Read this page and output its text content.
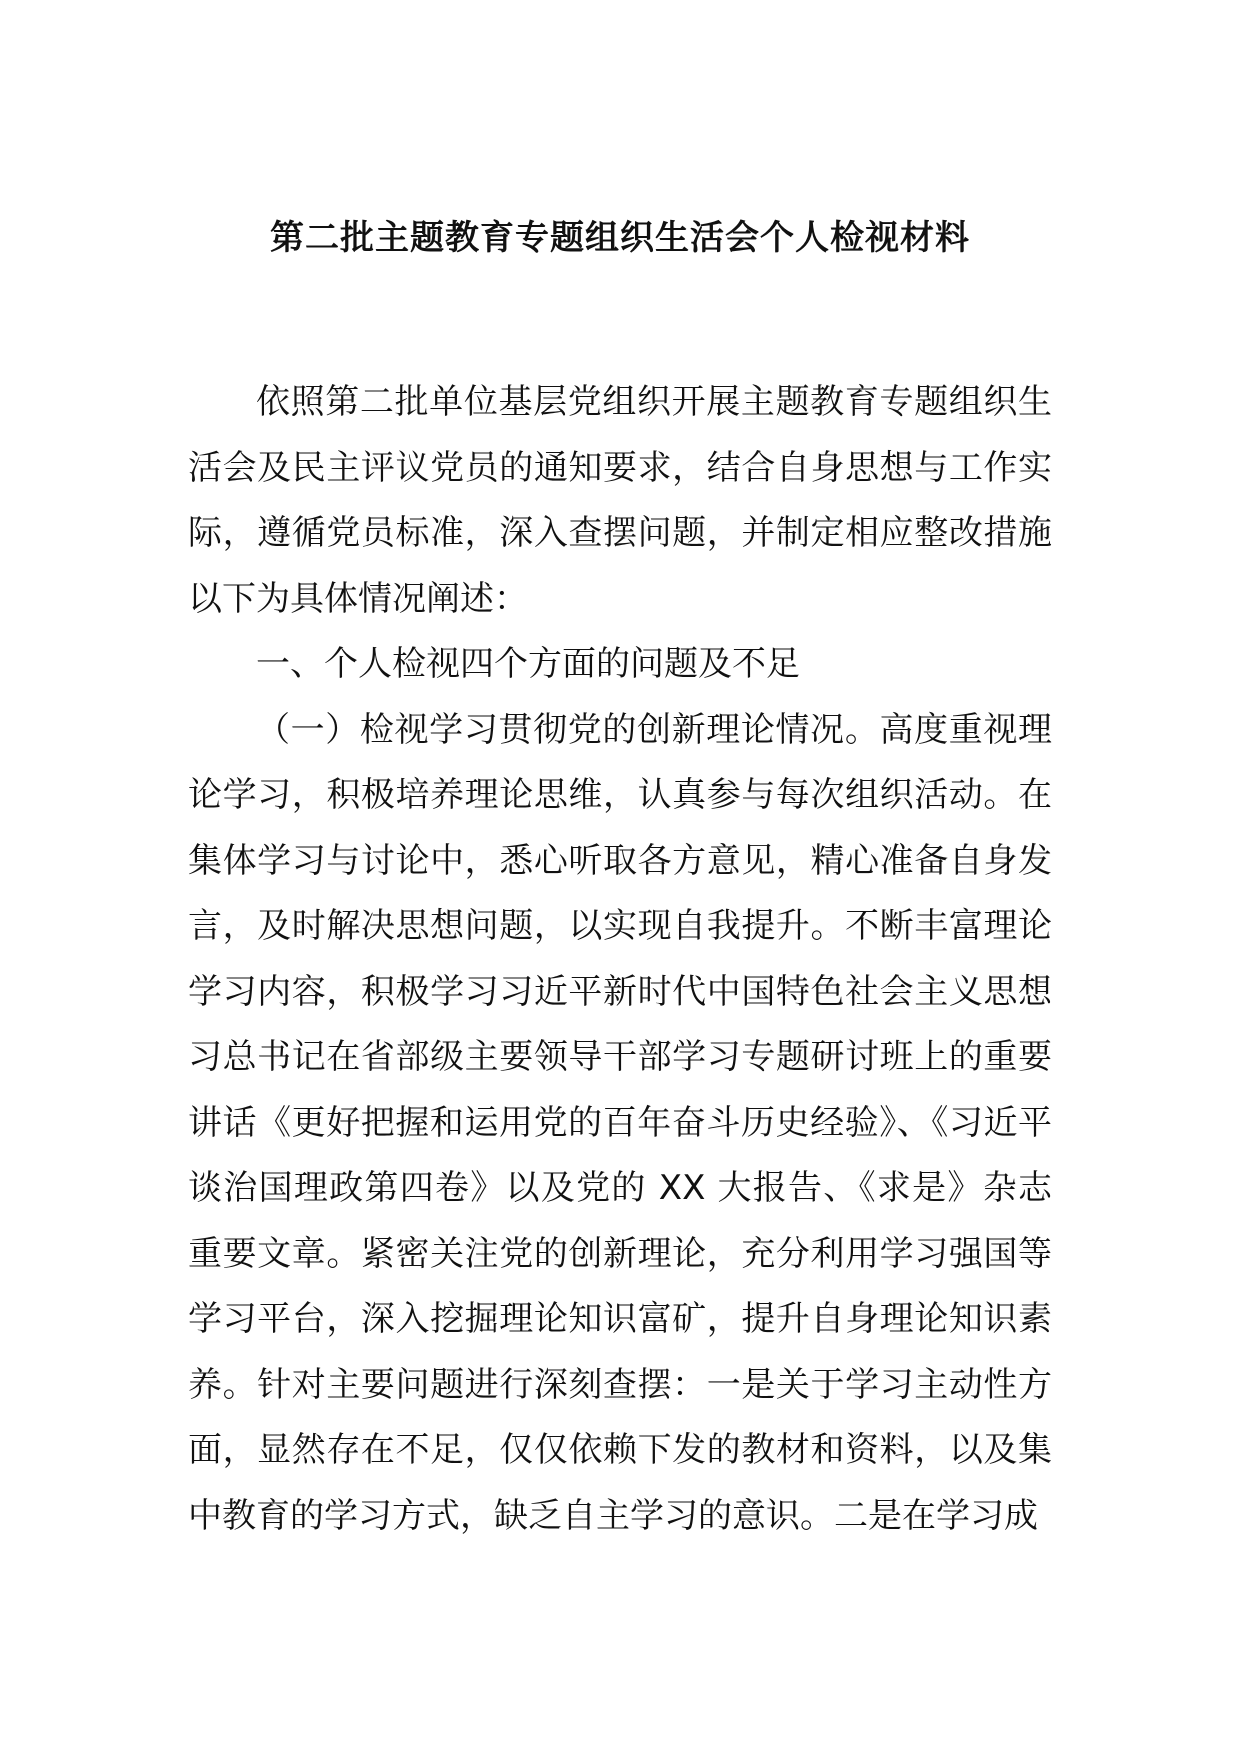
第二批主题教育专题组织生活会个人检视材料

依照第二批单位基层党组织开展主题教育专题组织生活会及民主评议党员的通知要求，结合自身思想与工作实际，遵循党员标准，深入查摆问题，并制定相应整改措施以下为具体情况阐述：

一、个人检视四个方面的问题及不足

（一）检视学习贯彻党的创新理论情况。高度重视理论学习，积极培养理论思维，认真参与每次组织活动。在集体学习与讨论中，悉心听取各方意见，精心准备自身发言，及时解决思想问题，以实现自我提升。不断丰富理论学习内容，积极学习习近平新时代中国特色社会主义思想习总书记在省部级主要领导干部学习专题研讨班上的重要讲话《更好把握和运用党的百年奋斗历史经验》、《习近平谈治国理政第四卷》以及党的 XX 大报告、《求是》杂志重要文章。紧密关注党的创新理论，充分利用学习强国等学习平台，深入挖掘理论知识富矿，提升自身理论知识素养。针对主要问题进行深刻查摆：一是关于学习主动性方面，显然存在不足，仅仅依赖下发的教材和资料，以及集中教育的学习方式，缺乏自主学习的意识。二是在学习成
